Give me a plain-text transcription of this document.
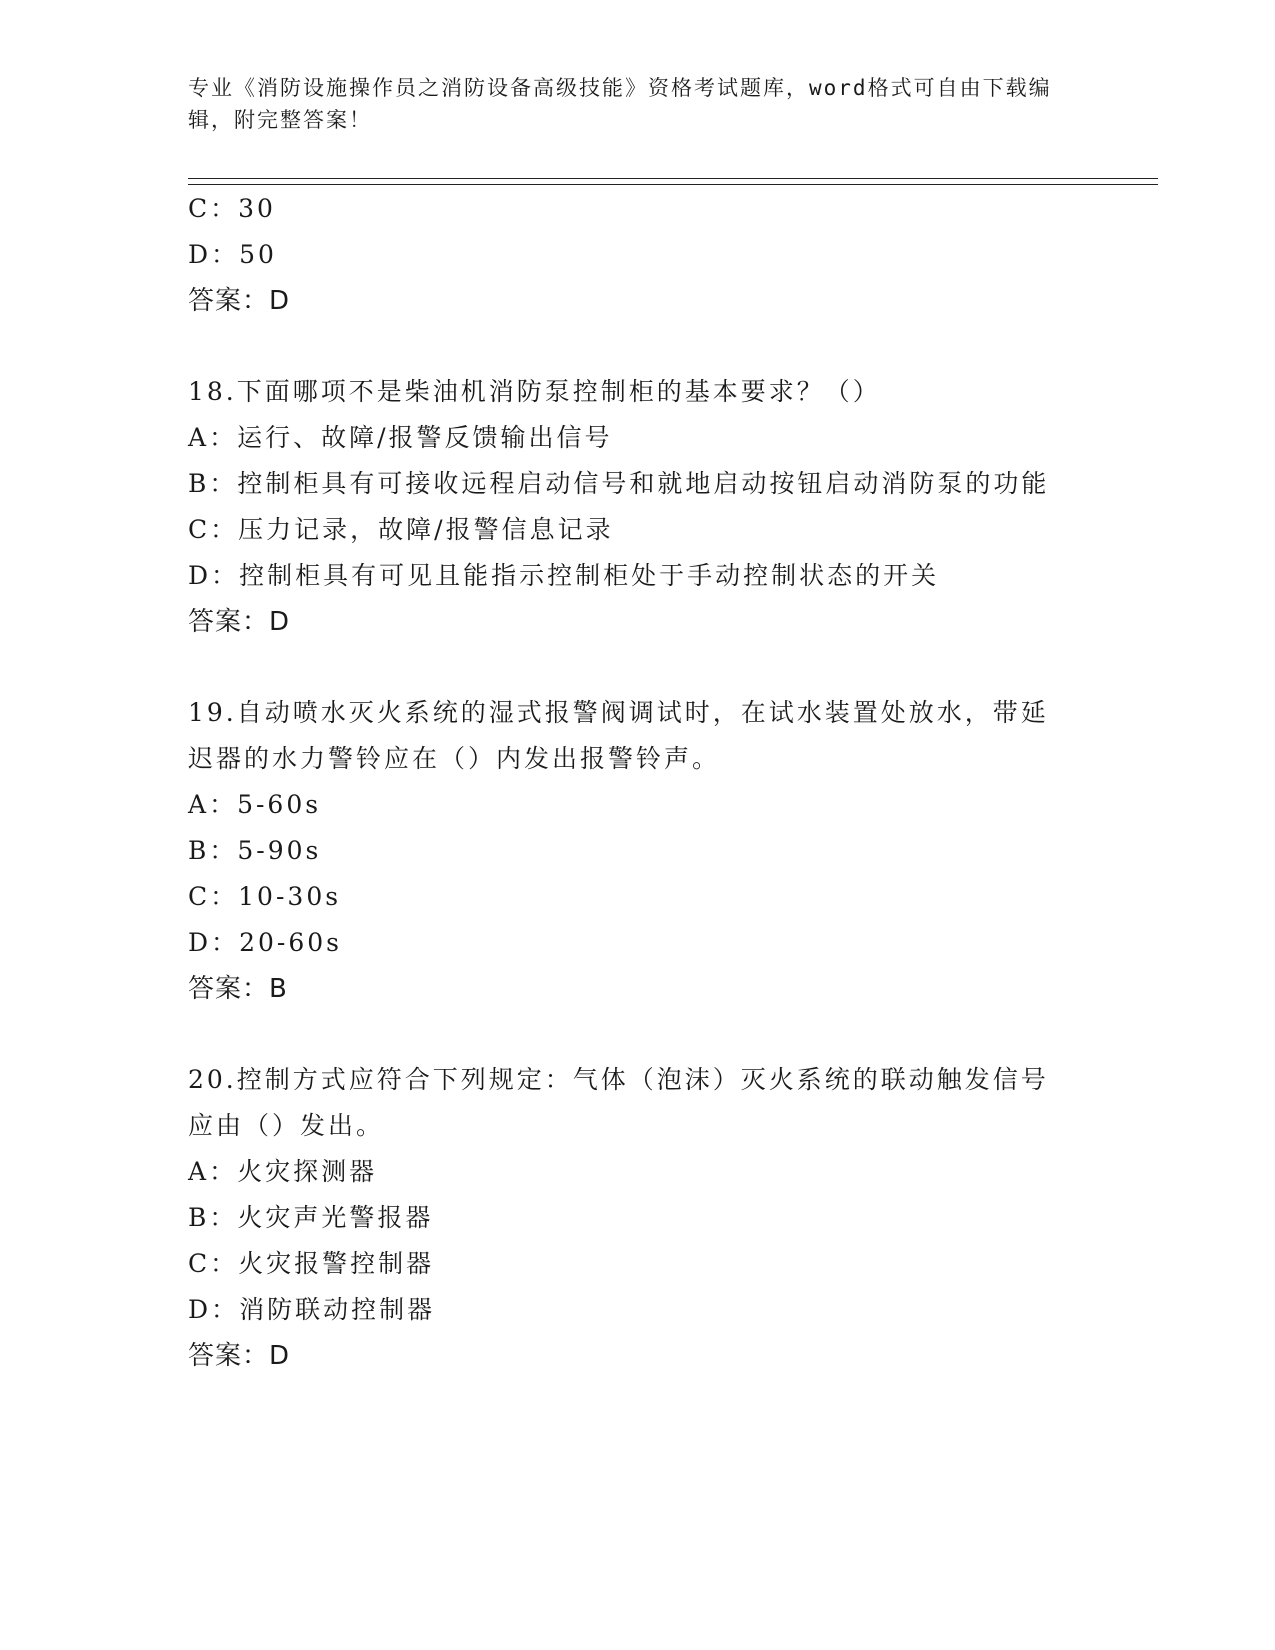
专业《消防设施操作员之消防设备高级技能》资格考试题库，word格式可自由下载编辑，附完整答案！
C：30
D：50
答案：D
18.下面哪项不是柴油机消防泵控制柜的基本要求？（）
A：运行、故障/报警反馈输出信号
B：控制柜具有可接收远程启动信号和就地启动按钮启动消防泵的功能
C：压力记录，故障/报警信息记录
D：控制柜具有可见且能指示控制柜处于手动控制状态的开关
答案：D
19.自动喷水灭火系统的湿式报警阀调试时，在试水装置处放水，带延
迟器的水力警铃应在（）内发出报警铃声。
A：5-60s
B：5-90s
C：10-30s
D：20-60s
答案：B
20.控制方式应符合下列规定：气体（泡沫）灭火系统的联动触发信号
应由（）发出。
A：火灾探测器
B：火灾声光警报器
C：火灾报警控制器
D：消防联动控制器
答案：D
